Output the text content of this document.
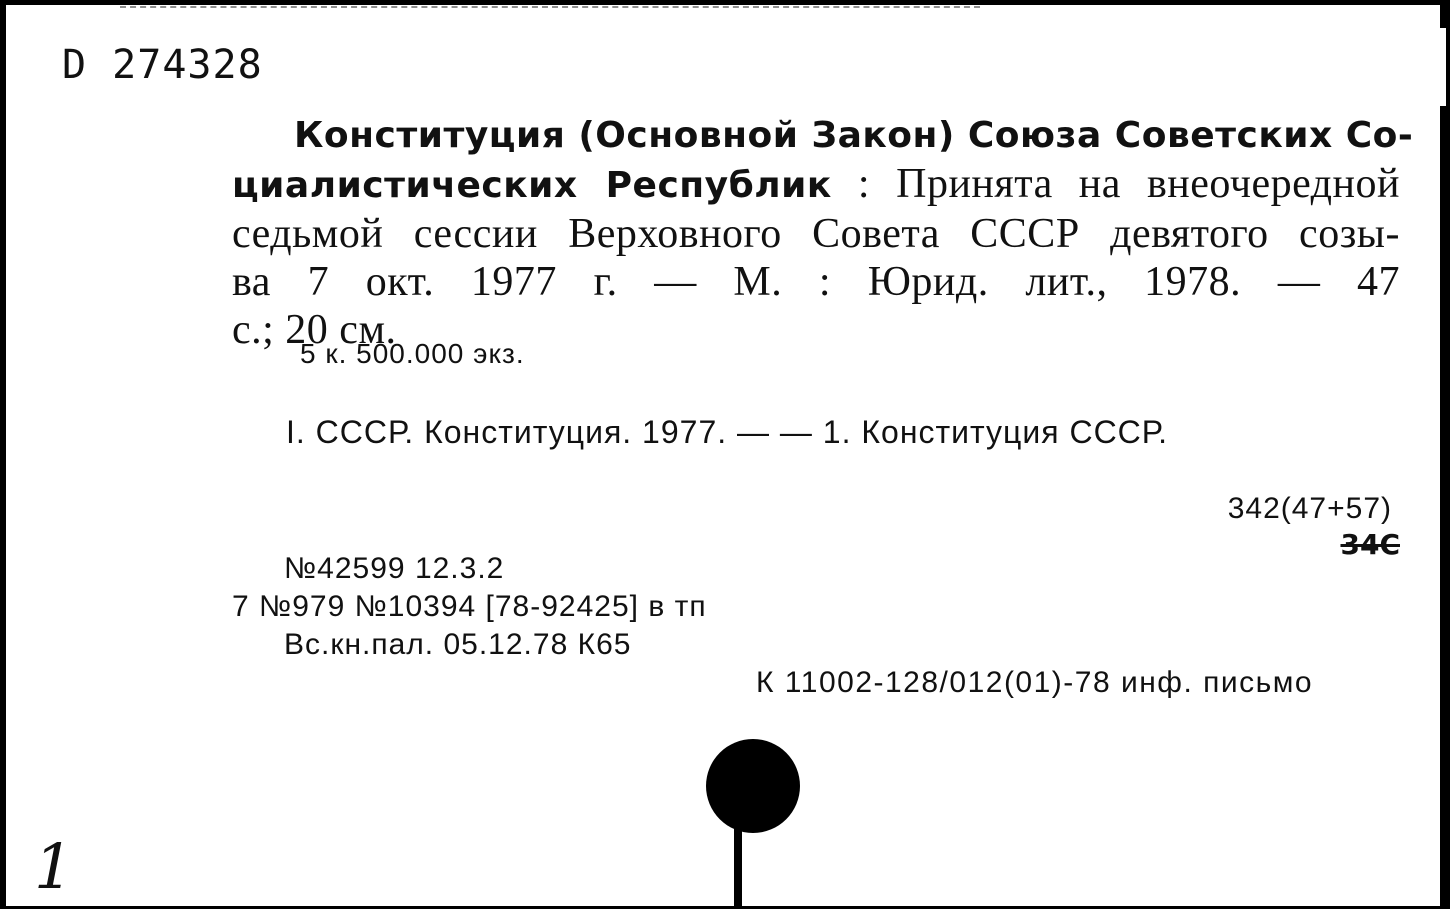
D 274328
Конституция (Основной Закон) Союза Советских Со-
циалистических Республик : Принята на внеочередной
седьмой сессии Верховного Совета СССР девятого созы-
ва 7 окт. 1977 г. — М. : Юрид. лит., 1978. — 47
с.; 20 см.
5 к. 500.000 экз.
I. СССР. Конституция. 1977. — — 1. Конституция СССР.
342(47+57)
34С
№42599 12.3.2
7 №979 №10394 [78-92425] в тп
Вс.кн.пал. 05.12.78 К65
К 11002-128/012(01)-78 инф. письмо
1
